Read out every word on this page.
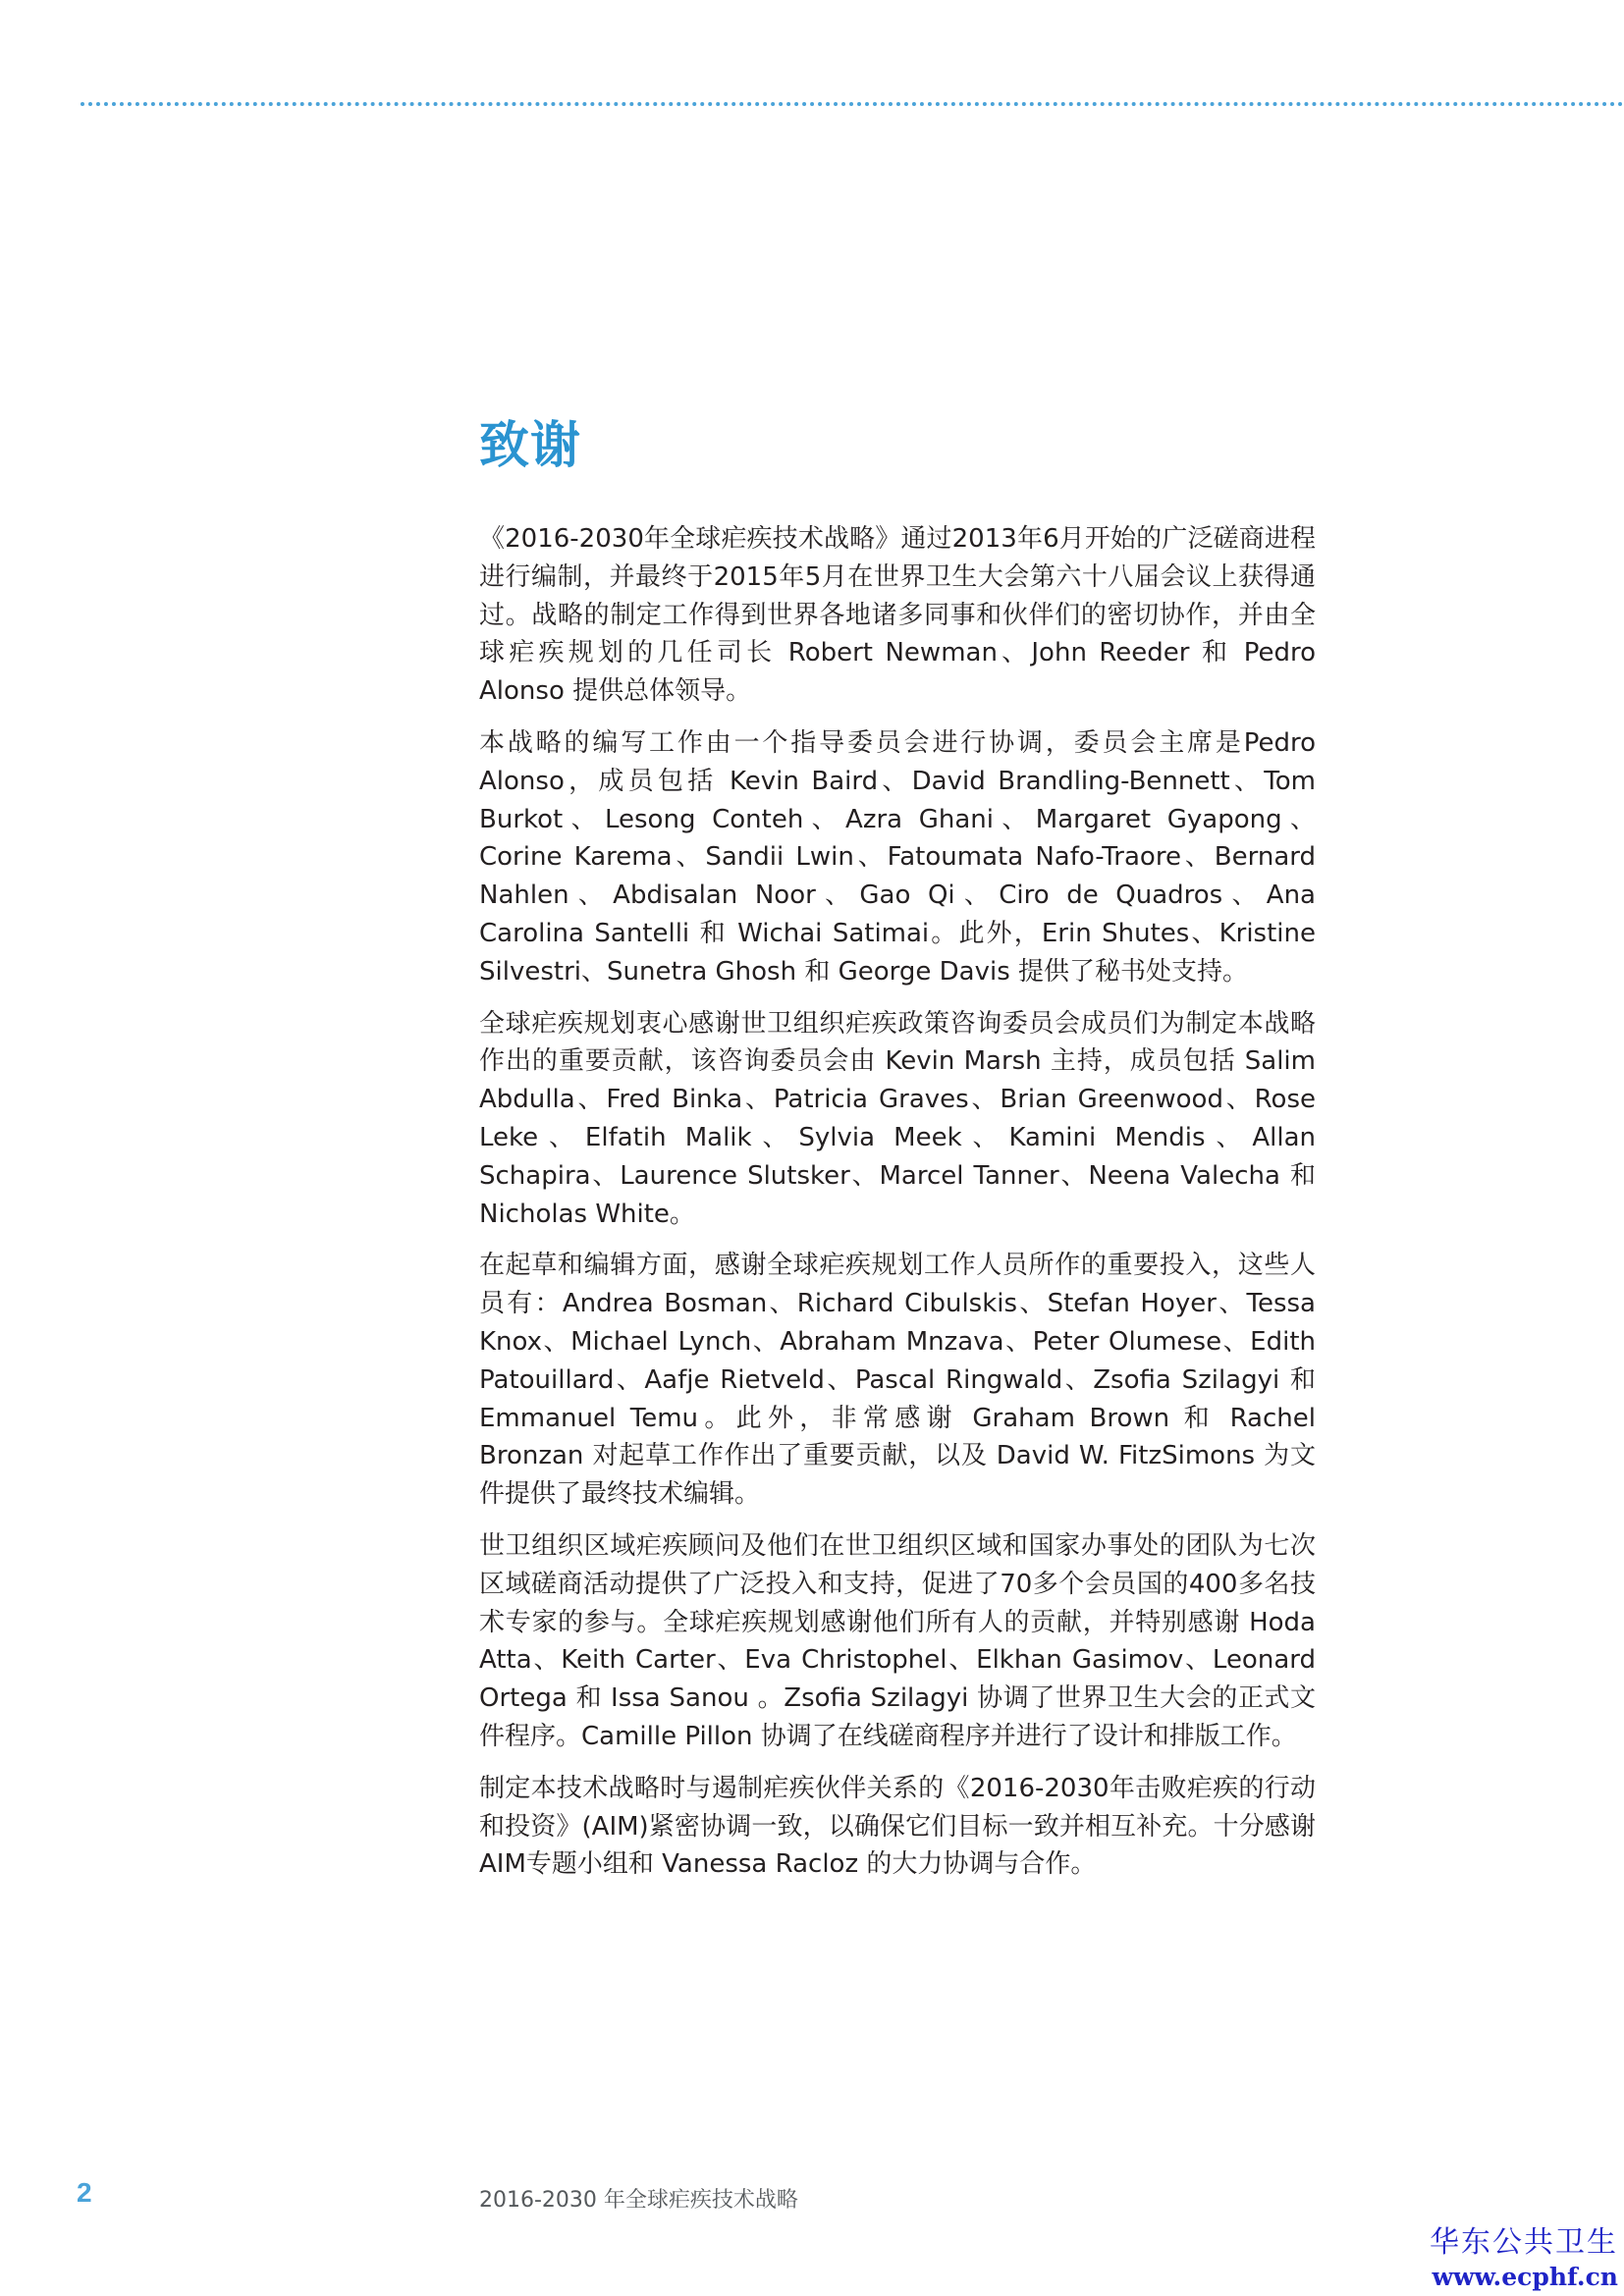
致谢

《2016-2030年全球疟疾技术战略》通过2013年6月开始的广泛磋商进程进行编制，并最终于2015年5月在世界卫生大会第六十八届会议上获得通过。战略的制定工作得到世界各地诸多同事和伙伴们的密切协作，并由全球疟疾规划的几任司长 Robert Newman、John Reeder 和 Pedro Alonso 提供总体领导。

本战略的编写工作由一个指导委员会进行协调，委员会主席是Pedro Alonso，成员包括 Kevin Baird、David Brandling-Bennett、Tom Burkot、Lesong Conteh、Azra Ghani、Margaret Gyapong、Corine Karema、Sandii Lwin、Fatoumata Nafo-Traore、Bernard Nahlen、Abdisalan Noor、Gao Qi、Ciro de Quadros、Ana Carolina Santelli 和 Wichai Satimai。此外，Erin Shutes、Kristine Silvestri、Sunetra Ghosh 和 George Davis 提供了秘书处支持。

全球疟疾规划衷心感谢世卫组织疟疾政策咨询委员会成员们为制定本战略作出的重要贡献，该咨询委员会由 Kevin Marsh 主持，成员包括 Salim Abdulla、Fred Binka、Patricia Graves、Brian Greenwood、Rose Leke、Elfatih Malik、Sylvia Meek、Kamini Mendis、Allan Schapira、Laurence Slutsker、Marcel Tanner、Neena Valecha 和 Nicholas White。

在起草和编辑方面，感谢全球疟疾规划工作人员所作的重要投入，这些人员有：Andrea Bosman、Richard Cibulskis、Stefan Hoyer、Tessa Knox、Michael Lynch、Abraham Mnzava、Peter Olumese、Edith Patouillard、Aafje Rietveld、Pascal Ringwald、Zsofia Szilagyi 和 Emmanuel Temu。此外，非常感谢 Graham Brown 和 Rachel Bronzan 对起草工作作出了重要贡献，以及 David W. FitzSimons 为文件提供了最终技术编辑。

世卫组织区域疟疾顾问及他们在世卫组织区域和国家办事处的团队为七次区域磋商活动提供了广泛投入和支持，促进了70多个会员国的400多名技术专家的参与。全球疟疾规划感谢他们所有人的贡献，并特别感谢 Hoda Atta、Keith Carter、Eva Christophel、Elkhan Gasimov、Leonard Ortega 和 Issa Sanou 。Zsofia Szilagyi 协调了世界卫生大会的正式文件程序。Camille Pillon 协调了在线磋商程序并进行了设计和排版工作。

制定本技术战略时与遏制疟疾伙伴关系的《2016-2030年击败疟疾的行动和投资》(AIM)紧密协调一致，以确保它们目标一致并相互补充。十分感谢AIM专题小组和 Vanessa Racloz 的大力协调与合作。

2	2016-2030 年全球疟疾技术战略
华东公共卫生
www.ecphf.cn
